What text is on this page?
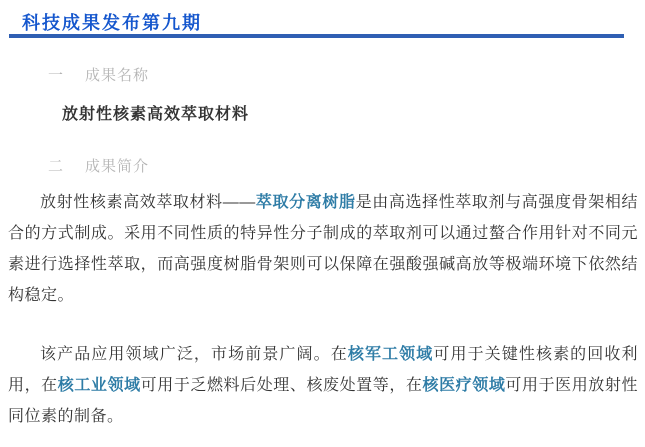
科技成果发布第九期
一 成果名称

放射性核素高效萃取材料

二 成果简介

放射性核素高效萃取材料——萃取分离树脂是由高选择性萃取剂与高强度骨架相结合的方式制成。采用不同性质的特异性分子制成的萃取剂可以通过螯合作用针对不同元素进行选择性萃取，而高强度树脂骨架则可以保障在强酸强碱高放等极端环境下依然结构稳定。

该产品应用领域广泛，市场前景广阔。在核军工领域可用于关键性核素的回收利用，在核工业领域可用于乏燃料后处理、核废处置等，在核医疗领域可用于医用放射性同位素的制备。
